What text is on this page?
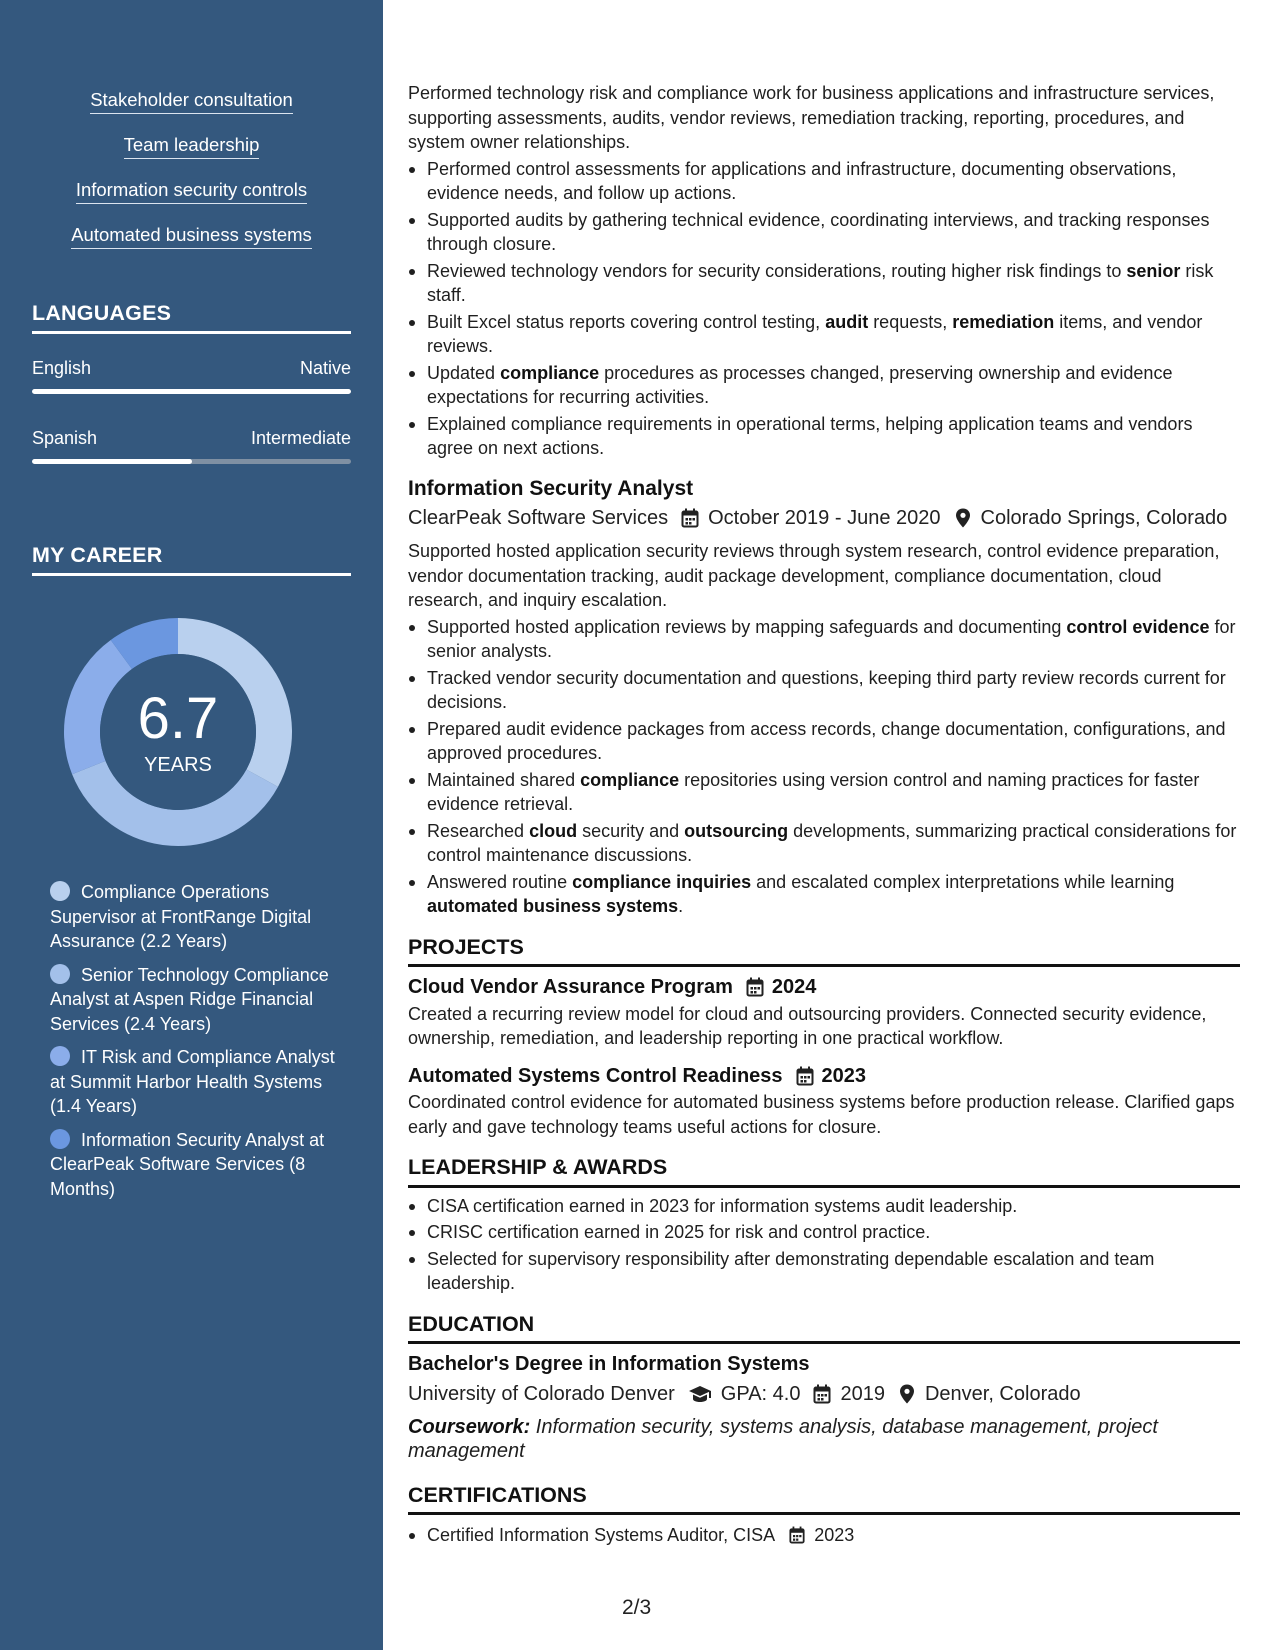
Stakeholder consultation
Team leadership
Information security controls
Automated business systems
LANGUAGES
English	Native
Spanish	Intermediate
MY CAREER
6.7
YEARS
Compliance Operations Supervisor at FrontRange Digital Assurance (2.2 Years)
Senior Technology Compliance Analyst at Aspen Ridge Financial Services (2.4 Years)
IT Risk and Compliance Analyst at Summit Harbor Health Systems (1.4 Years)
Information Security Analyst at ClearPeak Software Services (8 Months)

Performed technology risk and compliance work for business applications and infrastructure services, supporting assessments, audits, vendor reviews, remediation tracking, reporting, procedures, and system owner relationships.

Performed control assessments for applications and infrastructure, documenting observations, evidence needs, and follow up actions.
Supported audits by gathering technical evidence, coordinating interviews, and tracking responses through closure.
Reviewed technology vendors for security considerations, routing higher risk findings to senior risk staff.
Built Excel status reports covering control testing, audit requests, remediation items, and vendor reviews.
Updated compliance procedures as processes changed, preserving ownership and evidence expectations for recurring activities.
Explained compliance requirements in operational terms, helping application teams and vendors agree on next actions.
Information Security Analyst
ClearPeak Software Services October 2019 - June 2020 Colorado Springs, Colorado

Supported hosted application security reviews through system research, control evidence preparation, vendor documentation tracking, audit package development, compliance documentation, cloud research, and inquiry escalation.

Supported hosted application reviews by mapping safeguards and documenting control evidence for senior analysts.
Tracked vendor security documentation and questions, keeping third party review records current for decisions.
Prepared audit evidence packages from access records, change documentation, configurations, and approved procedures.
Maintained shared compliance repositories using version control and naming practices for faster evidence retrieval.
Researched cloud security and outsourcing developments, summarizing practical considerations for control maintenance discussions.
Answered routine compliance inquiries and escalated complex interpretations while learning automated business systems.
PROJECTS
Cloud Vendor Assurance Program 2024

Created a recurring review model for cloud and outsourcing providers. Connected security evidence, ownership, remediation, and leadership reporting in one practical workflow.

Automated Systems Control Readiness 2023

Coordinated control evidence for automated business systems before production release. Clarified gaps early and gave technology teams useful actions for closure.

LEADERSHIP & AWARDS
CISA certification earned in 2023 for information systems audit leadership.
CRISC certification earned in 2025 for risk and control practice.
Selected for supervisory responsibility after demonstrating dependable escalation and team leadership.
EDUCATION
Bachelor's Degree in Information Systems
University of Colorado Denver GPA: 4.0 2019 Denver, Colorado

Coursework: Information security, systems analysis, database management, project management

CERTIFICATIONS
Certified Information Systems Auditor, CISA 2023
2/3
